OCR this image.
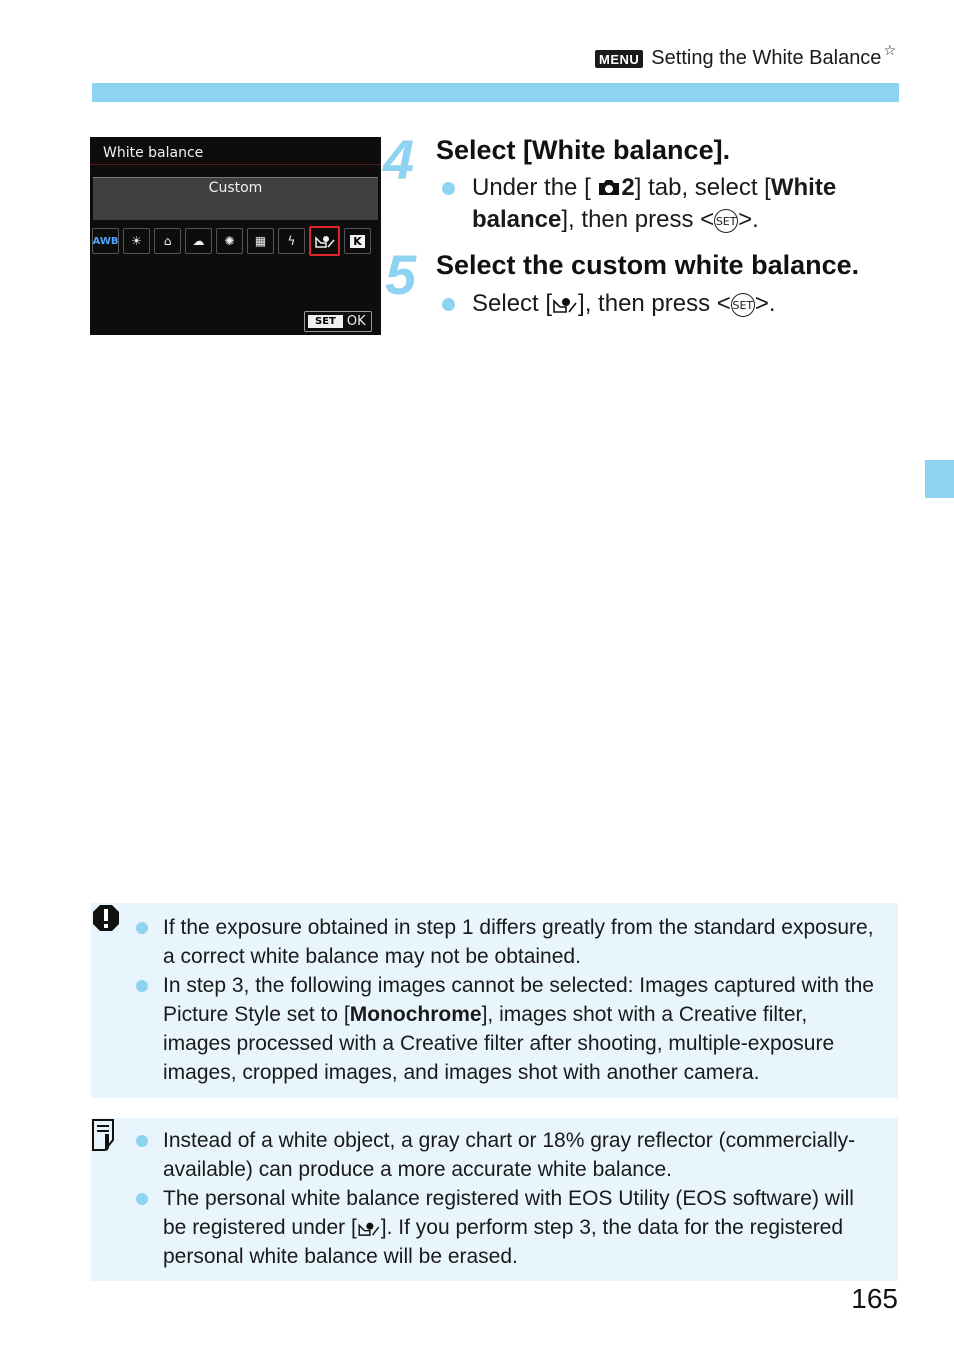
MENU Setting the White Balance ☆
White balance
Custom
AWB	☀	⌂	☁	✺	▦	ϟ	K
SET OK
4 Select [White balance].
Under the [ 2] tab, select [White
balance], then press < SET>.
5 Select the custom white balance.
Select [ ], then press < SET>.
If the exposure obtained in step 1 differs greatly from the standard exposure, a correct white balance may not be obtained.
In step 3, the following images cannot be selected: Images captured with the Picture Style set to [Monochrome], images shot with a Creative filter, images processed with a Creative filter after shooting, multiple-exposure images, cropped images, and images shot with another camera.
Instead of a white object, a gray chart or 18% gray reflector (commercially-available) can produce a more accurate white balance.
The personal white balance registered with EOS Utility (EOS software) will be registered under [ ]. If you perform step 3, the data for the registered personal white balance will be erased.
165
